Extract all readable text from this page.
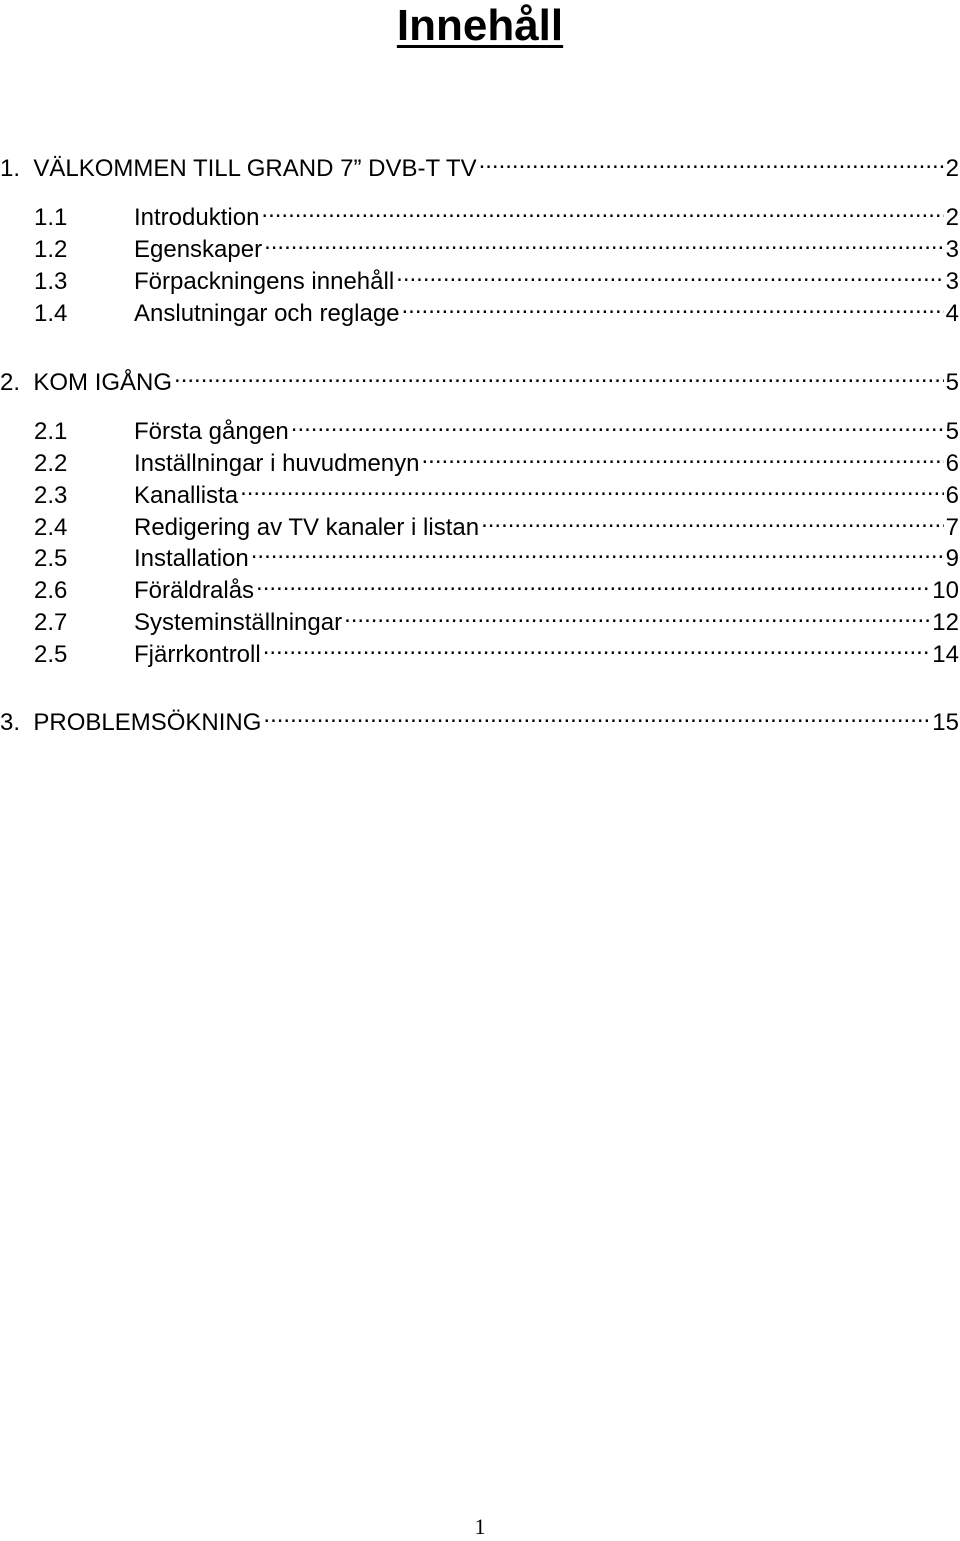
Innehåll
1. VÄLKOMMEN TILL GRAND 7” DVB-T TV .....	2
1.1	Introduktion .....	2
1.2	Egenskaper .....	3
1.3	Förpackningens innehåll .....	3
1.4	Anslutningar och reglage .....	4
2. KOM IGÅNG .....	5
2.1	Första gången .....	5
2.2	Inställningar i huvudmenyn .....	6
2.3	Kanallista .....	6
2.4	Redigering av TV kanaler i listan .....	7
2.5	Installation .....	9
2.6	Föräldralås .....	10
2.7	Systeminställningar .....	12
2.5	Fjärrkontroll .....	14
3. PROBLEMSÖKNING .....	15
1
